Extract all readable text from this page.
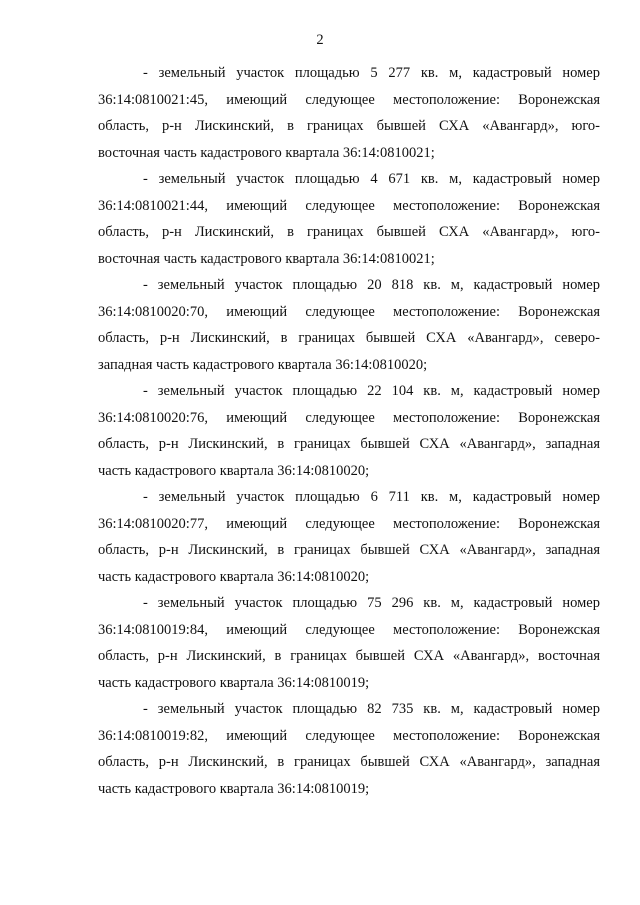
2

- земельный участок площадью 5 277 кв. м, кадастровый номер
36:14:0810021:45, имеющий следующее местоположение: Воронежская
область, р-н Лискинский, в границах бывшей СХА «Авангард», юго-
восточная часть кадастрового квартала 36:14:0810021;

- земельный участок площадью 4 671 кв. м, кадастровый номер
36:14:0810021:44, имеющий следующее местоположение: Воронежская
область, р-н Лискинский, в границах бывшей СХА «Авангард», юго-
восточная часть кадастрового квартала 36:14:0810021;

- земельный участок площадью 20 818 кв. м, кадастровый номер
36:14:0810020:70, имеющий следующее местоположение: Воронежская
область, р-н Лискинский, в границах бывшей СХА «Авангард», северо-
западная часть кадастрового квартала 36:14:0810020;

- земельный участок площадью 22 104 кв. м, кадастровый номер
36:14:0810020:76, имеющий следующее местоположение: Воронежская
область, р-н Лискинский, в границах бывшей СХА «Авангард», западная
часть кадастрового квартала 36:14:0810020;

- земельный участок площадью 6 711 кв. м, кадастровый номер
36:14:0810020:77, имеющий следующее местоположение: Воронежская
область, р-н Лискинский, в границах бывшей СХА «Авангард», западная
часть кадастрового квартала 36:14:0810020;

- земельный участок площадью 75 296 кв. м, кадастровый номер
36:14:0810019:84, имеющий следующее местоположение: Воронежская
область, р-н Лискинский, в границах бывшей СХА «Авангард», восточная
часть кадастрового квартала 36:14:0810019;

- земельный участок площадью 82 735 кв. м, кадастровый номер
36:14:0810019:82, имеющий следующее местоположение: Воронежская
область, р-н Лискинский, в границах бывшей СХА «Авангард», западная
часть кадастрового квартала 36:14:0810019;
